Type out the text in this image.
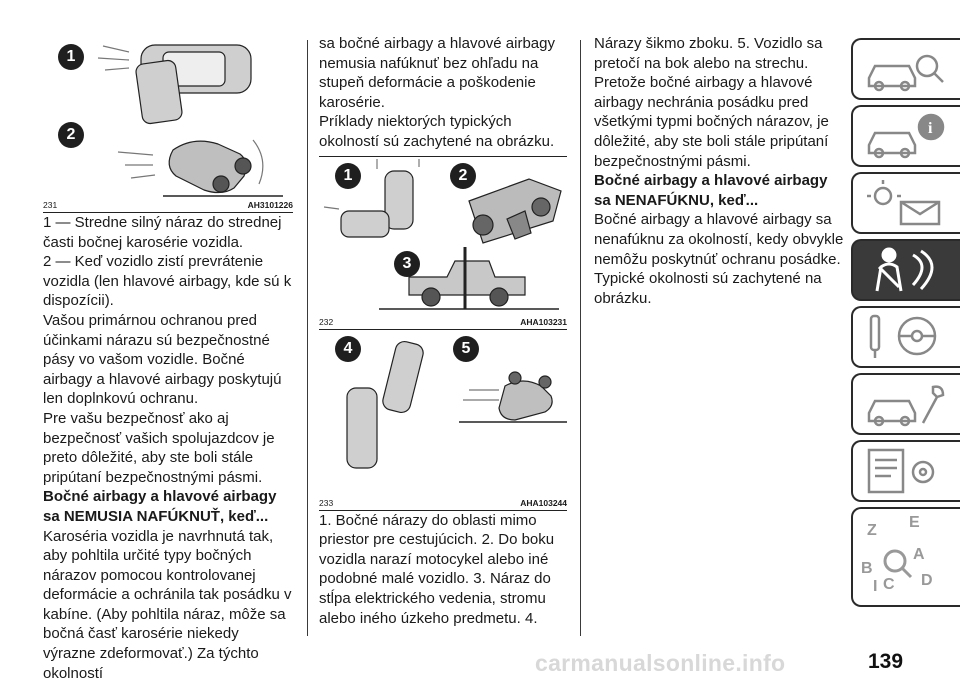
1
2
231	AH3101226

1 — Stredne silný náraz do strednej časti bočnej karosérie vozidla.

2 — Keď vozidlo zistí prevrátenie vozidla (len hlavové airbagy, kde sú k dispozícii).

Vašou primárnou ochranou pred účinkami nárazu sú bezpečnostné pásy vo vašom vozidle. Bočné airbagy a hlavové airbagy poskytujú len doplnkovú ochranu.

Pre vašu bezpečnosť ako aj bezpečnosť vašich spolujazdcov je preto dôležité, aby ste boli stále pripútaní bezpečnostnými pásmi.

Bočné airbagy a hlavové airbagy sa NEMUSIA NAFÚKNUŤ, keď...

Karoséria vozidla je navrhnutá tak, aby pohltila určité typy bočných nárazov pomocou kontrolovanej deformácie a ochránila tak posádku v kabíne. (Aby pohltila náraz, môže sa bočná časť karosérie niekedy výrazne zdeformovať.) Za týchto okolností

sa bočné airbagy a hlavové airbagy nemusia nafúknuť bez ohľadu na stupeň deformácie a poškodenie karosérie.

Príklady niektorých typických okolností sú zachytené na obrázku.

1	2
3
232	AHA103231
4	5
233	AHA103244

1. Bočné nárazy do oblasti mimo priestor pre cestujúcich. 2. Do boku vozidla narazí motocykel alebo iné podobné malé vozidlo. 3. Náraz do stĺpa elektrického vedenia, stromu alebo iného úzkeho predmetu. 4.

Nárazy šikmo zboku. 5. Vozidlo sa pretočí na bok alebo na strechu.

Pretože bočné airbagy a hlavové airbagy nechránia posádku pred všetkými typmi bočných nárazov, je dôležité, aby ste boli stále pripútaní bezpečnostnými pásmi.

Bočné airbagy a hlavové airbagy sa NENAFÚKNU, keď...

Bočné airbagy a hlavové airbagy sa nenafúknu za okolností, kedy obvykle nemôžu poskytnúť ochranu posádke. Typické okolnosti sú zachytené na obrázku.

i
Z E
A
B
C D
I
carmanualsonline.info	139
